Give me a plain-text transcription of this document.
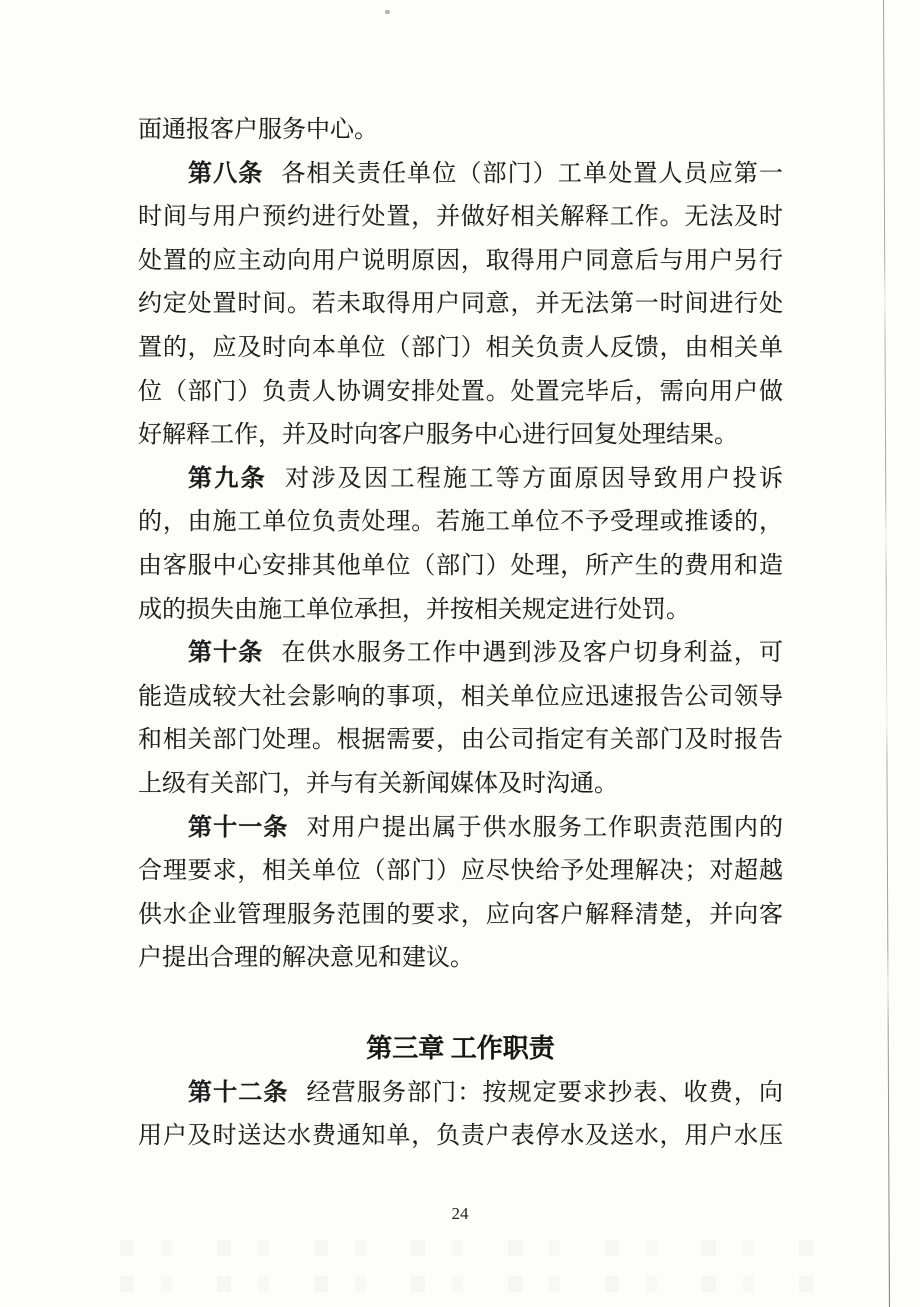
面通报客户服务中心。

第八条 各相关责任单位（部门）工单处置人员应第一

时间与用户预约进行处置，并做好相关解释工作。无法及时

处置的应主动向用户说明原因，取得用户同意后与用户另行

约定处置时间。若未取得用户同意，并无法第一时间进行处

置的，应及时向本单位（部门）相关负责人反馈，由相关单

位（部门）负责人协调安排处置。处置完毕后，需向用户做

好解释工作，并及时向客户服务中心进行回复处理结果。

第九条 对涉及因工程施工等方面原因导致用户投诉

的，由施工单位负责处理。若施工单位不予受理或推诿的，

由客服中心安排其他单位（部门）处理，所产生的费用和造

成的损失由施工单位承担，并按相关规定进行处罚。

第十条 在供水服务工作中遇到涉及客户切身利益，可

能造成较大社会影响的事项，相关单位应迅速报告公司领导

和相关部门处理。根据需要，由公司指定有关部门及时报告

上级有关部门，并与有关新闻媒体及时沟通。

第十一条 对用户提出属于供水服务工作职责范围内的

合理要求，相关单位（部门）应尽快给予处理解决；对超越

供水企业管理服务范围的要求，应向客户解释清楚，并向客

户提出合理的解决意见和建议。

第三章 工作职责

第十二条 经营服务部门：按规定要求抄表、收费，向

用户及时送达水费通知单，负责户表停水及送水，用户水压

24
